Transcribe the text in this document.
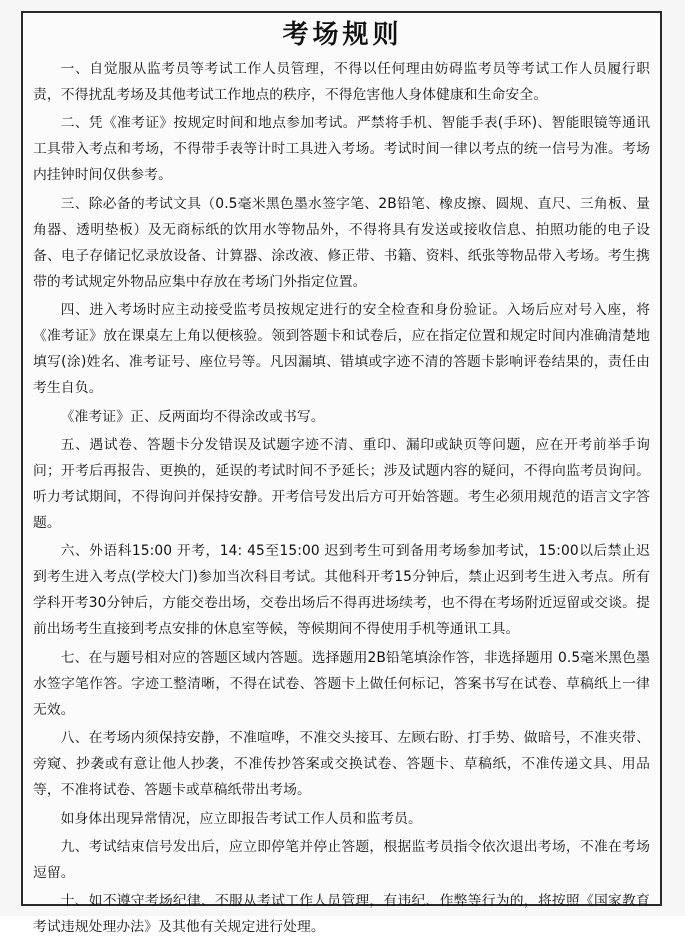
考场规则

一、自觉服从监考员等考试工作人员管理，不得以任何理由妨碍监考员等考试工作人员履行职责，不得扰乱考场及其他考试工作地点的秩序，不得危害他人身体健康和生命安全。

二、凭《准考证》按规定时间和地点参加考试。严禁将手机、智能手表(手环)、智能眼镜等通讯工具带入考点和考场，不得带手表等计时工具进入考场。考试时间一律以考点的统一信号为准。考场内挂钟时间仅供参考。

三、除必备的考试文具（0.5毫米黑色墨水签字笔、2B铅笔、橡皮擦、圆规、直尺、三角板、量角器、透明垫板）及无商标纸的饮用水等物品外，不得将具有发送或接收信息、拍照功能的电子设备、电子存储记忆录放设备、计算器、涂改液、修正带、书籍、资料、纸张等物品带入考场。考生携带的考试规定外物品应集中存放在考场门外指定位置。

四、进入考场时应主动接受监考员按规定进行的安全检查和身份验证。入场后应对号入座，将《准考证》放在课桌左上角以便核验。领到答题卡和试卷后，应在指定位置和规定时间内准确清楚地填写(涂)姓名、准考证号、座位号等。凡因漏填、错填或字迹不清的答题卡影响评卷结果的，责任由考生自负。

《准考证》正、反两面均不得涂改或书写。

五、遇试卷、答题卡分发错误及试题字迹不清、重印、漏印或缺页等问题，应在开考前举手询问；开考后再报告、更换的，延误的考试时间不予延长；涉及试题内容的疑问，不得向监考员询问。听力考试期间，不得询问并保持安静。开考信号发出后方可开始答题。考生必须用规范的语言文字答题。

六、外语科15:00 开考，14: 45至15:00 迟到考生可到备用考场参加考试，15:00以后禁止迟到考生进入考点(学校大门)参加当次科目考试。其他科开考15分钟后，禁止迟到考生进入考点。所有学科开考30分钟后，方能交卷出场，交卷出场后不得再进场续考，也不得在考场附近逗留或交谈。提前出场考生直接到考点安排的休息室等候，等候期间不得使用手机等通讯工具。

七、在与题号相对应的答题区域内答题。选择题用2B铅笔填涂作答，非选择题用 0.5毫米黑色墨水签字笔作答。字迹工整清晰，不得在试卷、答题卡上做任何标记，答案书写在试卷、草稿纸上一律无效。

八、在考场内须保持安静，不准喧哗，不准交头接耳、左顾右盼、打手势、做暗号，不准夹带、旁窥、抄袭或有意让他人抄袭，不准传抄答案或交换试卷、答题卡、草稿纸，不准传递文具、用品等，不准将试卷、答题卡或草稿纸带出考场。

如身体出现异常情况，应立即报告考试工作人员和监考员。

九、考试结束信号发出后，应立即停笔并停止答题，根据监考员指令依次退出考场，不准在考场逗留。

十、如不遵守考场纪律、不服从考试工作人员管理，有违纪、作弊等行为的，将按照《国家教育考试违规处理办法》及其他有关规定进行处理。
